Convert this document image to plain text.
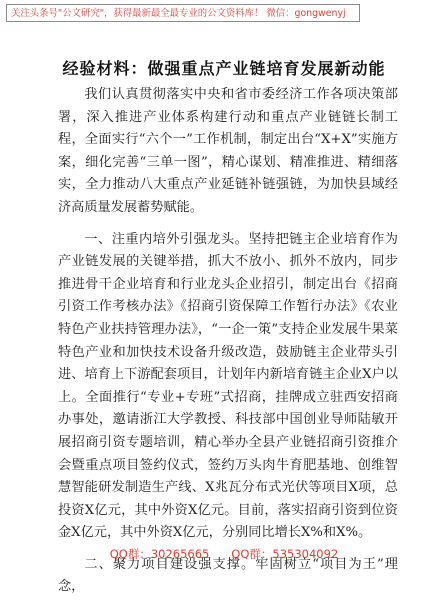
关注头条号"公文研究"，获得最新最全最专业的公文资料库！ 微信：gongwenyj
经验材料：做强重点产业链培育发展新动能

我们认真贯彻落实中央和省市委经济工作各项决策部署，深入推进产业体系构建行动和重点产业链链长制工程，全面实行“六个一”工作机制，制定出台“X+X”实施方案，细化完善“三单一图”，精心谋划、精准推进、精细落实，全力推动八大重点产业延链补链强链，为加快县域经济高质量发展蓄势赋能。

一、注重内培外引强龙头。坚持把链主企业培育作为产业链发展的关键举措，抓大不放小、抓外不放内，同步推进骨干企业培育和行业龙头企业招引，制定出台《招商引资工作考核办法》《招商引资保障工作暂行办法》《农业特色产业扶持管理办法》，“一企一策”支持企业发展牛果菜特色产业和加快技术设备升级改造，鼓励链主企业带头引进、培育上下游配套项目，计划年内新培育链主企业X户以上。全面推行“专业+专班”式招商，挂牌成立驻西安招商办事处，邀请浙江大学教授、科技部中国创业导师陆敏开展招商引资专题培训，精心举办全县产业链招商引资推介会暨重点项目签约仪式，签约万头肉牛育肥基地、创维智慧智能研发制造生产线、X兆瓦分布式光伏等项目X项，总投资X亿元，其中外资X亿元。目前，落实招商引资到位资金X亿元，其中外资X亿元，分别同比增长X%和X%。

二、聚力项目建设强支撑。牢固树立“项目为王”理念，

QQ群：30265665      QQ群：535304092
